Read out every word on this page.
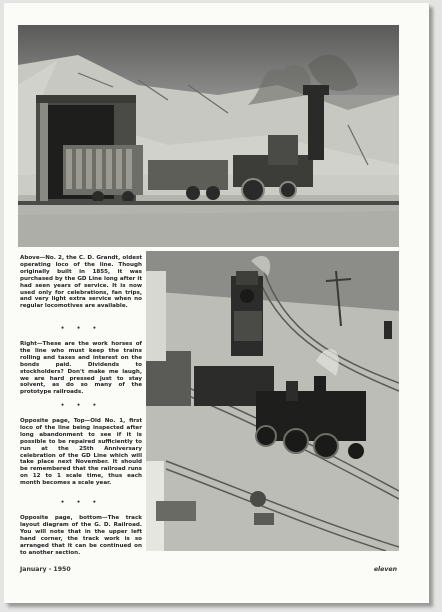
Above—No. 2, the C. D. Grandt, oldest operating loco of the line. Though originally built in 1855, it was purchased by the GD Line long after it had seen years of service. It is now used only for celebrations, fan trips, and very light extra service when no regular locomotives are available.

• • •

Right—These are the work horses of the line who must keep the trains rolling and taxes and interest on the bonds paid. Dividends to stockholders? Don't make me laugh, we are hard pressed just to stay solvent, as do so many of the prototype railroads.

• • •

Opposite page, Top—Old No. 1, first loco of the line being inspected after long abandonment to see if it is possible to be repaired sufficiently to run at the 25th Anniversary celebration of the GD Line which will take place next November. It should be remembered that the railroad runs on 12 to 1 scale time, thus each month becomes a scale year.

• • •

Opposite page, bottom—The track layout diagram of the G. D. Railroad. You will note that in the upper left hand corner, the track work is so arranged that it can be continued on to another section.

January - 1950	eleven
